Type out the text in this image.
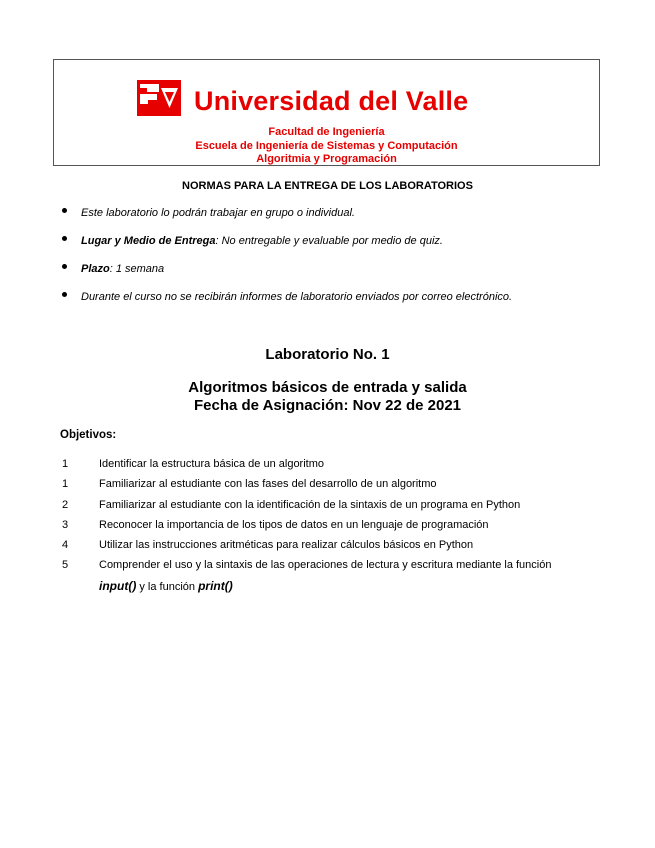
Universidad del Valle
Facultad de Ingeniería
Escuela de Ingeniería de Sistemas y Computación
Algoritmia y Programación
NORMAS PARA LA ENTREGA DE LOS LABORATORIOS
Este laboratorio lo podrán trabajar en grupo o individual.
Lugar y Medio de Entrega: No entregable y evaluable por medio de quiz.
Plazo: 1 semana
Durante el curso no se recibirán informes de laboratorio enviados por correo electrónico.
Laboratorio No. 1
Algoritmos básicos de entrada y salida
Fecha de Asignación: Nov 22 de 2021
Objetivos:
1	Identificar la estructura básica de un algoritmo
1	Familiarizar al estudiante con las fases del desarrollo de un algoritmo
2	Familiarizar al estudiante con la identificación de la sintaxis de un programa en Python
3	Reconocer la importancia de los tipos de datos en un lenguaje de programación
4	Utilizar las instrucciones aritméticas para realizar cálculos básicos en Python
5	Comprender el uso y la sintaxis de las operaciones de lectura y escritura mediante la función
input() y la función print()
